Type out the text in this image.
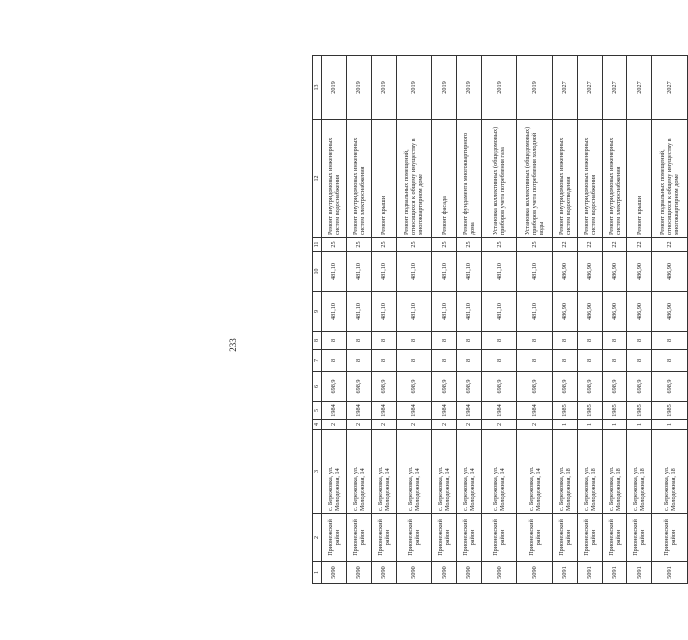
233
1	2	3	4	5	6	7	8	9	10	11	12	13
5090	Прионежский район	с. Бережовка, ул. Молодежная, 14	2	1984	698,9	8	8	481,10	481,10	25	Ремонт внутридомовых инженерных систем водоснабжения	2019
5090	Прионежский район	с. Бережовка, ул. Молодежная, 14	2	1984	698,9	8	8	481,10	481,10	25	Ремонт внутридомовых инженерных систем электроснабжения	2019
5090	Прионежский район	с. Бережовка, ул. Молодежная, 14	2	1984	698,9	8	8	481,10	481,10	25	Ремонт крыши	2019
5090	Прионежский район	с. Бережовка, ул. Молодежная, 14	2	1984	698,9	8	8	481,10	481,10	25	Ремонт подвальных помещений, относящихся к общему имуществу в многоквартирном доме	2019
5090	Прионежский район	с. Бережовка, ул. Молодежная, 14	2	1984	698,9	8	8	481,10	481,10	25	Ремонт фасада	2019
5090	Прионежский район	с. Бережовка, ул. Молодежная, 14	2	1984	698,9	8	8	481,10	481,10	25	Ремонт фундамента многоквартирного дома	2019
5090	Прионежский район	с. Бережовка, ул. Молодежная, 14	2	1984	698,9	8	8	481,10	481,10	25	Установка коллективных (общедомовых) приборов учета потребления газа	2019
5090	Прионежский район	с. Бережовка, ул. Молодежная, 14	2	1984	698,9	8	8	481,10	481,10	25	Установка коллективных (общедомовых) приборов учета потребления холодной воды	2019
5091	Прионежский район	с. Бережовка, ул. Молодежная, 18	1	1985	698,9	8	8	486,90	486,90	22	Ремонт внутридомовых инженерных систем водоотведения	2027
5091	Прионежский район	с. Бережовка, ул. Молодежная, 18	1	1985	698,9	8	8	486,90	486,90	22	Ремонт внутридомовых инженерных систем водоснабжения	2027
5091	Прионежский район	с. Бережовка, ул. Молодежная, 18	1	1985	698,9	8	8	486,90	486,90	22	Ремонт внутридомовых инженерных систем электроснабжения	2027
5091	Прионежский район	с. Бережовка, ул. Молодежная, 18	1	1985	698,9	8	8	486,90	486,90	22	Ремонт крыши	2027
5091	Прионежский район	с. Бережовка, ул. Молодежная, 18	1	1985	698,9	8	8	486,90	486,90	22	Ремонт подвальных помещений, относящихся к общему имуществу в многоквартирном доме	2027
